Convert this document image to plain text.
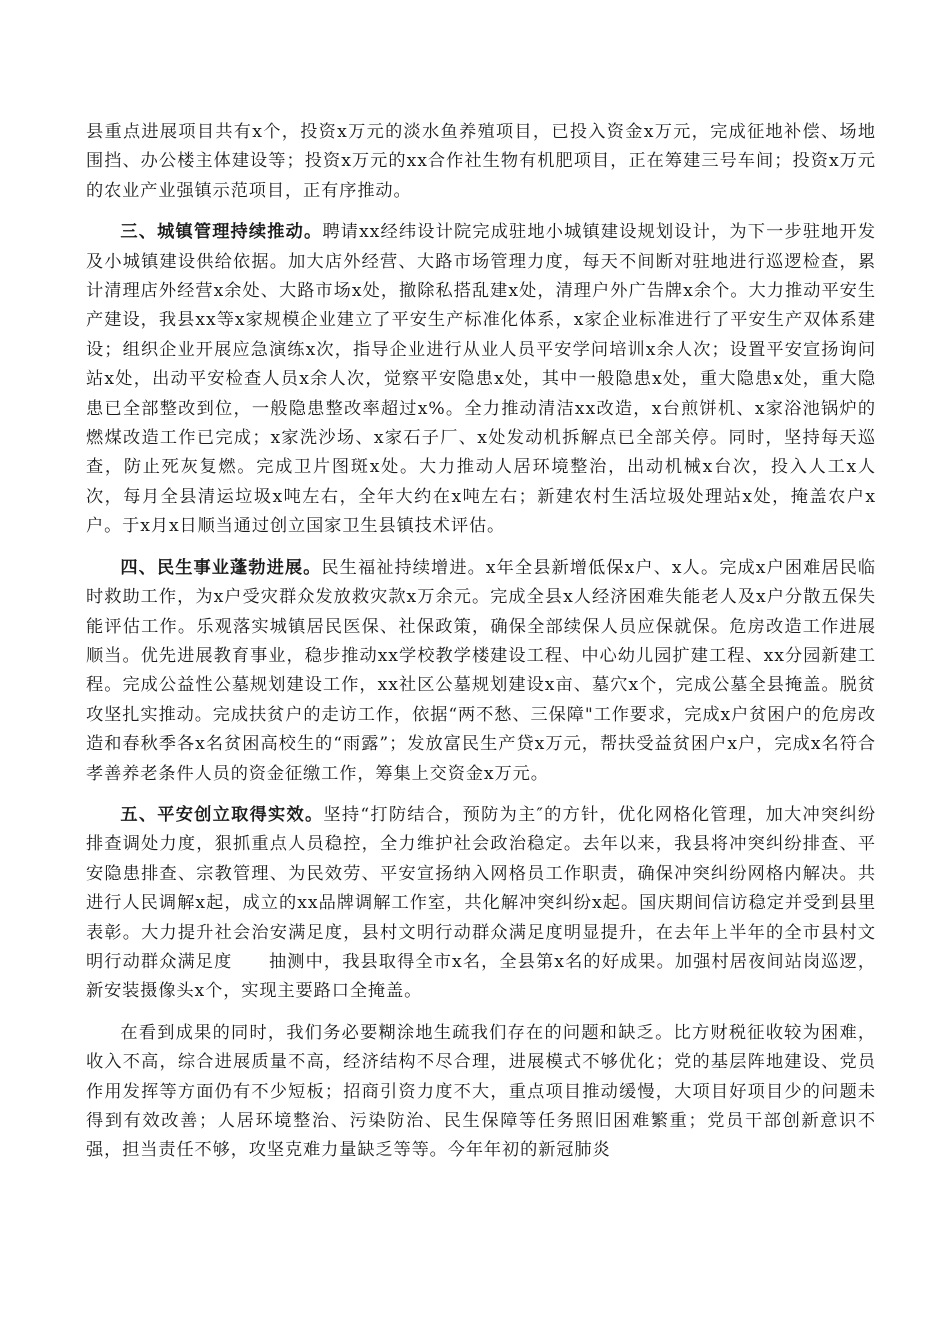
县重点进展项目共有x个，投资x万元的淡水鱼养殖项目，已投入资金x万元，完成征地补偿、场地围挡、办公楼主体建设等；投资x万元的xx合作社生物有机肥项目，正在筹建三号车间；投资x万元的农业产业强镇示范项目，正有序推动。

三、城镇管理持续推动。聘请xx经纬设计院完成驻地小城镇建设规划设计，为下一步驻地开发及小城镇建设供给依据。加大店外经营、大路市场管理力度，每天不间断对驻地进行巡逻检查，累计清理店外经营x余处、大路市场x处，撤除私搭乱建x处，清理户外广告牌x余个。大力推动平安生产建设，我县xx等x家规模企业建立了平安生产标准化体系，x家企业标准进行了平安生产双体系建设；组织企业开展应急演练x次，指导企业进行从业人员平安学问培训x余人次；设置平安宣扬询问站x处，出动平安检查人员x余人次，觉察平安隐患x处，其中一般隐患x处，重大隐患x处，重大隐患已全部整改到位，一般隐患整改率超过x%。全力推动清洁xx改造，x台煎饼机、x家浴池锅炉的燃煤改造工作已完成；x家洗沙场、x家石子厂、x处发动机拆解点已全部关停。同时，坚持每天巡查，防止死灰复燃。完成卫片图斑x处。大力推动人居环境整治，出动机械x台次，投入人工x人次，每月全县清运垃圾x吨左右，全年大约在x吨左右；新建农村生活垃圾处理站x处，掩盖农户x户。于x月x日顺当通过创立国家卫生县镇技术评估。

四、民生事业蓬勃进展。民生福祉持续增进。x年全县新增低保x户、x人。完成x户困难居民临时救助工作，为x户受灾群众发放救灾款x万余元。完成全县x人经济困难失能老人及x户分散五保失能评估工作。乐观落实城镇居民医保、社保政策，确保全部续保人员应保就保。危房改造工作进展顺当。优先进展教育事业，稳步推动xx学校教学楼建设工程、中心幼儿园扩建工程、xx分园新建工程。完成公益性公墓规划建设工作，xx社区公墓规划建设x亩、墓穴x个，完成公墓全县掩盖。脱贫攻坚扎实推动。完成扶贫户的走访工作，依据“两不愁、三保障"工作要求，完成x户贫困户的危房改造和春秋季各x名贫困高校生的“雨露”；发放富民生产贷x万元，帮扶受益贫困户x户，完成x名符合孝善养老条件人员的资金征缴工作，筹集上交资金x万元。

五、平安创立取得实效。坚持“打防结合，预防为主″的方针，优化网格化管理，加大冲突纠纷排查调处力度，狠抓重点人员稳控，全力维护社会政治稳定。去年以来，我县将冲突纠纷排查、平安隐患排查、宗教管理、为民效劳、平安宣扬纳入网格员工作职责，确保冲突纠纷网格内解决。共进行人民调解x起，成立的xx品牌调解工作室，共化解冲突纠纷x起。国庆期间信访稳定并受到县里表彰。大力提升社会治安满足度，县村文明行动群众满足度明显提升，在去年上半年的全市县村文明行动群众满足度　　抽测中，我县取得全市x名，全县第x名的好成果。加强村居夜间站岗巡逻，新安装摄像头x个，实现主要路口全掩盖。

在看到成果的同时，我们务必要糊涂地生疏我们存在的问题和缺乏。比方财税征收较为困难，收入不高，综合进展质量不高，经济结构不尽合理，进展模式不够优化；党的基层阵地建设、党员作用发挥等方面仍有不少短板；招商引资力度不大，重点项目推动缓慢，大项目好项目少的问题未得到有效改善；人居环境整治、污染防治、民生保障等任务照旧困难繁重；党员干部创新意识不强，担当责任不够，攻坚克难力量缺乏等等。今年年初的新冠肺炎
